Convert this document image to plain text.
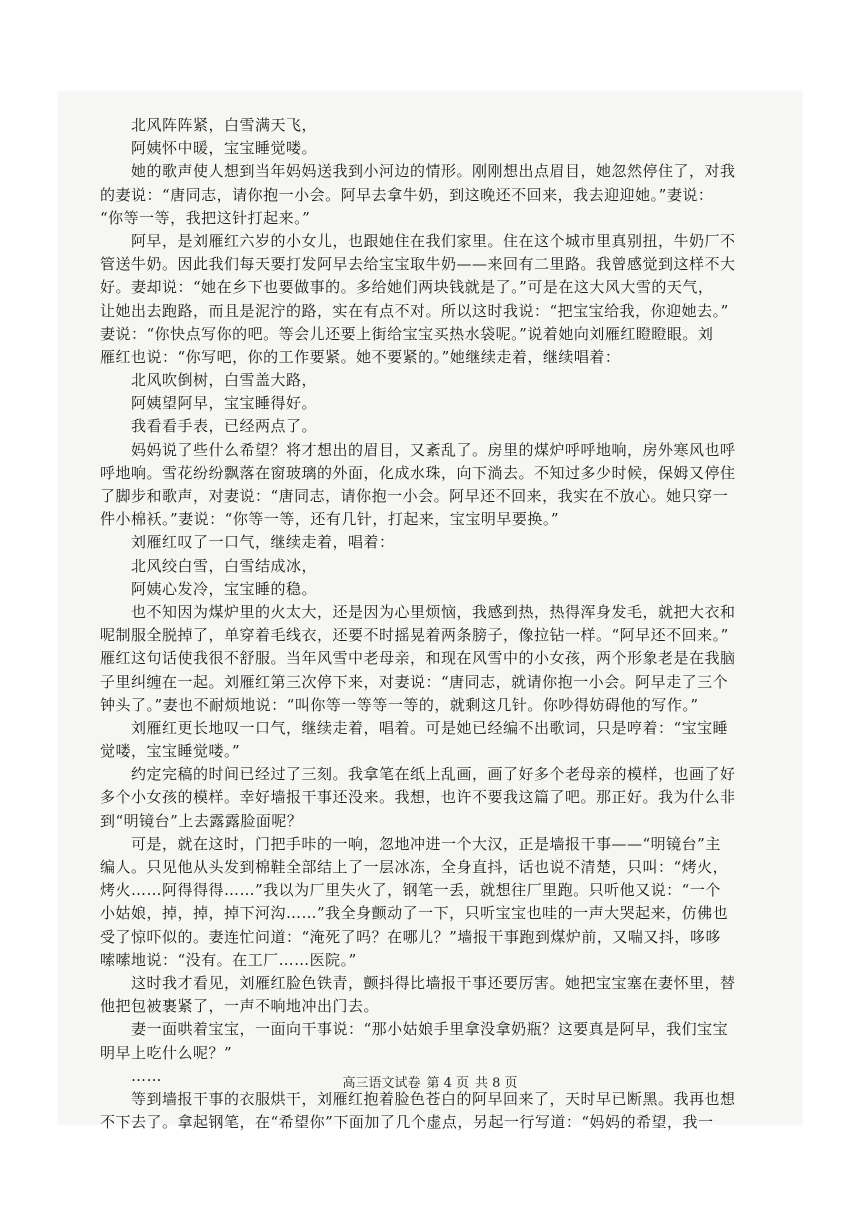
　　北风阵阵紧，白雪满天飞，
　　阿姨怀中暖，宝宝睡觉喽。
　　她的歌声使人想到当年妈妈送我到小河边的情形。刚刚想出点眉目，她忽然停住了，对我
的妻说：“唐同志，请你抱一小会。阿早去拿牛奶，到这晚还不回来，我去迎迎她。”妻说：
“你等一等，我把这针打起来。”
　　阿早，是刘雁红六岁的小女儿，也跟她住在我们家里。住在这个城市里真别扭，牛奶厂不
管送牛奶。因此我们每天要打发阿早去给宝宝取牛奶——来回有二里路。我曾感觉到这样不大
好。妻却说：“她在乡下也要做事的。多给她们两块钱就是了。”可是在这大风大雪的天气，
让她出去跑路，而且是泥泞的路，实在有点不对。所以这时我说：“把宝宝给我，你迎她去。”
妻说：“你快点写你的吧。等会儿还要上街给宝宝买热水袋呢。”说着她向刘雁红瞪瞪眼。刘
雁红也说：“你写吧，你的工作要紧。她不要紧的。”她继续走着，继续唱着：
　　北风吹倒树，白雪盖大路，
　　阿姨望阿早，宝宝睡得好。
　　我看看手表，已经两点了。
　　妈妈说了些什么希望？将才想出的眉目，又紊乱了。房里的煤炉呼呼地响，房外寒风也呼
呼地响。雪花纷纷飘落在窗玻璃的外面，化成水珠，向下淌去。不知过多少时候，保姆又停住
了脚步和歌声，对妻说：“唐同志，请你抱一小会。阿早还不回来，我实在不放心。她只穿一
件小棉袄。”妻说：“你等一等，还有几针，打起来，宝宝明早要换。”
　　刘雁红叹了一口气，继续走着，唱着：
　　北风绞白雪，白雪结成冰，
　　阿姨心发冷，宝宝睡的稳。
　　也不知因为煤炉里的火太大，还是因为心里烦恼，我感到热，热得浑身发毛，就把大衣和
呢制服全脱掉了，单穿着毛线衣，还要不时摇晃着两条膀子，像拉钻一样。“阿早还不回来。”
雁红这句话使我很不舒服。当年风雪中老母亲，和现在风雪中的小女孩，两个形象老是在我脑
子里纠缠在一起。刘雁红第三次停下来，对妻说：“唐同志，就请你抱一小会。阿早走了三个
钟头了。”妻也不耐烦地说：“叫你等一等等一等的，就剩这几针。你吵得妨碍他的写作。”
　　刘雁红更长地叹一口气，继续走着，唱着。可是她已经编不出歌词，只是哼着：“宝宝睡
觉喽，宝宝睡觉喽。”
　　约定完稿的时间已经过了三刻。我拿笔在纸上乱画，画了好多个老母亲的模样，也画了好
多个小女孩的模样。幸好墙报干事还没来。我想，也许不要我这篇了吧。那正好。我为什么非
到“明镜台”上去露露脸面呢？
　　可是，就在这时，门把手咔的一响，忽地冲进一个大汉，正是墙报干事——“明镜台”主
编人。只见他从头发到棉鞋全部结上了一层冰冻，全身直抖，话也说不清楚，只叫：“烤火，
烤火……阿得得得……”我以为厂里失火了，钢笔一丢，就想往厂里跑。只听他又说：“一个
小姑娘，掉，掉，掉下河沟……”我全身颤动了一下，只听宝宝也哇的一声大哭起来，仿佛也
受了惊吓似的。妻连忙问道：“淹死了吗？在哪儿？”墙报干事跑到煤炉前，又喘又抖，哆哆
嗦嗦地说：“没有。在工厂……医院。”
　　这时我才看见，刘雁红脸色铁青，颤抖得比墙报干事还要厉害。她把宝宝塞在妻怀里，替
他把包被裹紧了，一声不响地冲出门去。
　　妻一面哄着宝宝，一面向干事说：“那小姑娘手里拿没拿奶瓶？这要真是阿早，我们宝宝
明早上吃什么呢？”
　　……
　　等到墙报干事的衣服烘干，刘雁红抱着脸色苍白的阿早回来了，天时早已断黑。我再也想
不下去了。拿起钢笔，在“希望你”下面加了几个虚点，另起一行写道：“妈妈的希望，我一
高三语文试卷 第 4 页 共 8 页
